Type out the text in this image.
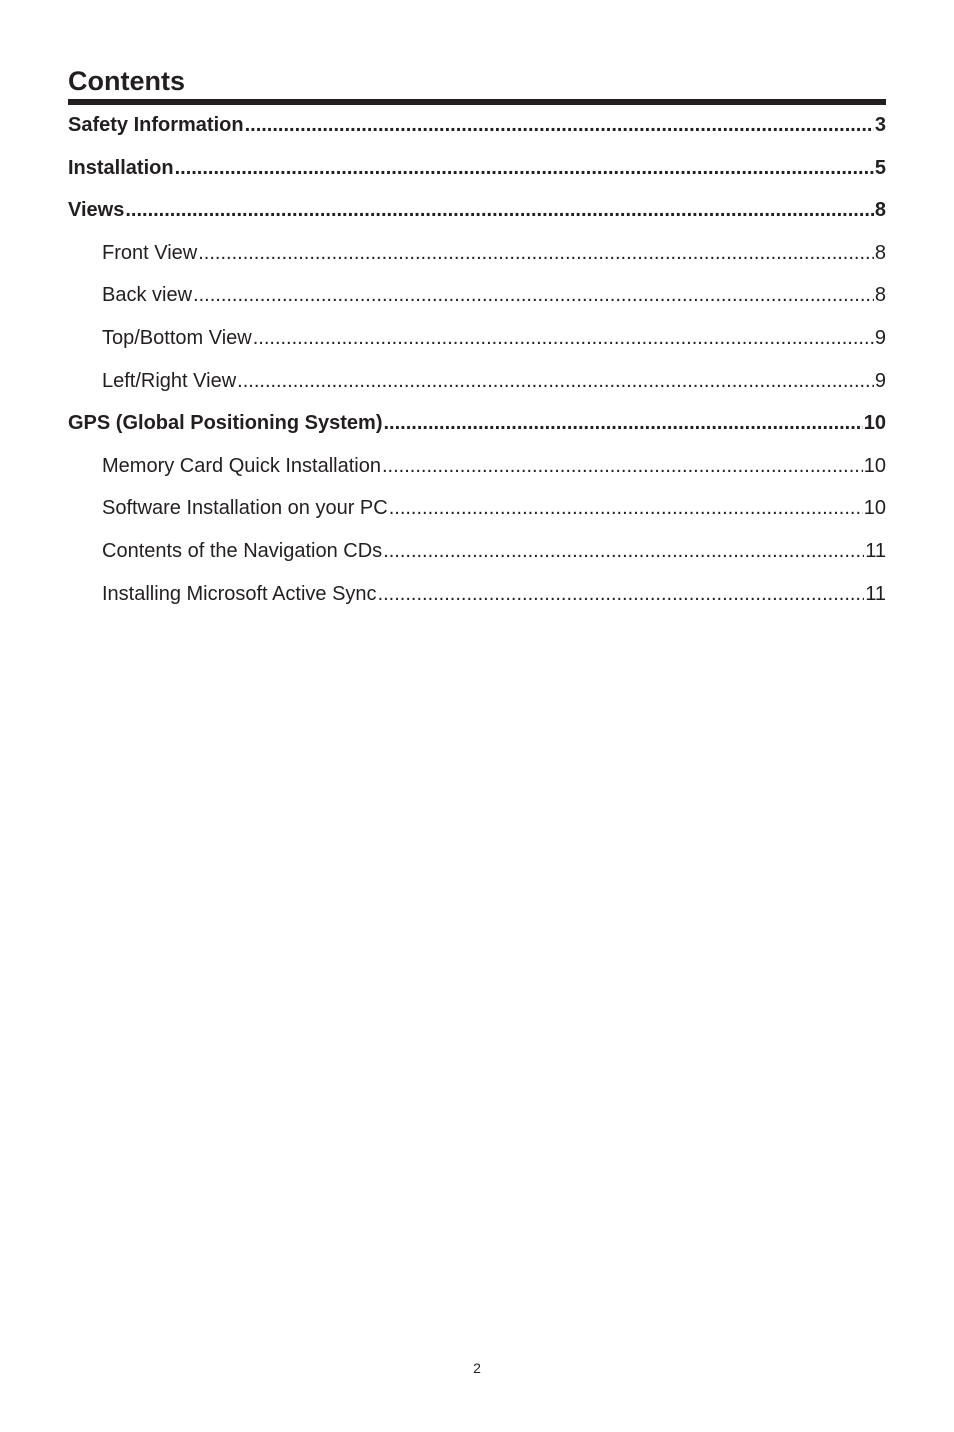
Contents
Safety Information .....	3
Installation .....	5
Views .....	8
Front View .....	8
Back view .....	8
Top/Bottom View .....	9
Left/Right View .....	9
GPS (Global Positioning System) .....	10
Memory Card Quick Installation .....	10
Software Installation on your PC .....	10
Contents of the Navigation CDs .....	11
Installing Microsoft Active Sync .....	11
2
